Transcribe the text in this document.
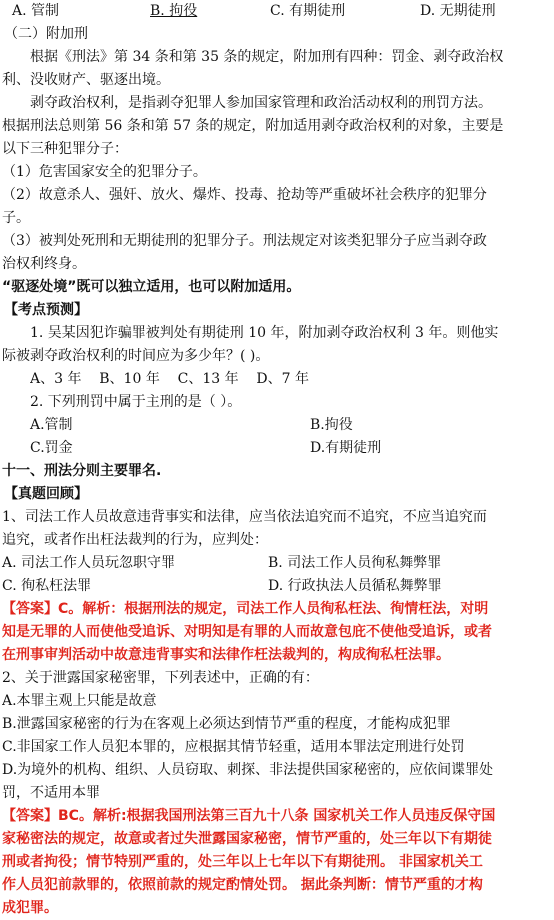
A. 管制	B. 拘役	C. 有期徒刑	D. 无期徒刑
（二）附加刑
根据《刑法》第 34 条和第 35 条的规定，附加刑有四种：罚金、剥夺政治权
利、没收财产、驱逐出境。
剥夺政治权利，是指剥夺犯罪人参加国家管理和政治活动权利的刑罚方法。
根据刑法总则第 56 条和第 57 条的规定，附加适用剥夺政治权利的对象，主要是
以下三种犯罪分子：
（1）危害国家安全的犯罪分子。
（2）故意杀人、强奸、放火、爆炸、投毒、抢劫等严重破坏社会秩序的犯罪分
子。
（3）被判处死刑和无期徒刑的犯罪分子。刑法规定对该类犯罪分子应当剥夺政
治权利终身。
“驱逐处境”既可以独立适用，也可以附加适用。
【考点预测】
1. 吴某因犯诈骗罪被判处有期徒刑 10 年，附加剥夺政治权利 3 年。则他实
际被剥夺政治权利的时间应为多少年？( )。
A、3 年    B、10 年    C、13 年    D、7 年
2. 下列刑罚中属于主刑的是（ ）。
A.管制	B.拘役
C.罚金	D.有期徒刑
十一、刑法分则主要罪名.
【真题回顾】
1、司法工作人员故意违背事实和法律，应当依法追究而不追究，不应当追究而
追究，或者作出枉法裁判的行为，应判处：
A. 司法工作人员玩忽职守罪	B. 司法工作人员徇私舞弊罪
C. 徇私枉法罪	D. 行政执法人员循私舞弊罪
【答案】C。解析：根据刑法的规定，司法工作人员徇私枉法、徇情枉法，对明
知是无罪的人而使他受追诉、对明知是有罪的人而故意包庇不使他受追诉，或者
在刑事审判活动中故意违背事实和法律作枉法裁判的，构成徇私枉法罪。
2、关于泄露国家秘密罪，下列表述中，正确的有：
A.本罪主观上只能是故意
B.泄露国家秘密的行为在客观上必须达到情节严重的程度，才能构成犯罪
C.非国家工作人员犯本罪的，应根据其情节轻重，适用本罪法定刑进行处罚
D.为境外的机构、组织、人员窃取、刺探、非法提供国家秘密的，应依间谍罪处
罚，不适用本罪
【答案】BC。解析:根据我国刑法第三百九十八条 国家机关工作人员违反保守国
家秘密法的规定，故意或者过失泄露国家秘密，情节严重的，处三年以下有期徒
刑或者拘役；情节特别严重的，处三年以上七年以下有期徒刑。 非国家机关工
作人员犯前款罪的，依照前款的规定酌情处罚。 据此条判断：情节严重的才构
成犯罪。
